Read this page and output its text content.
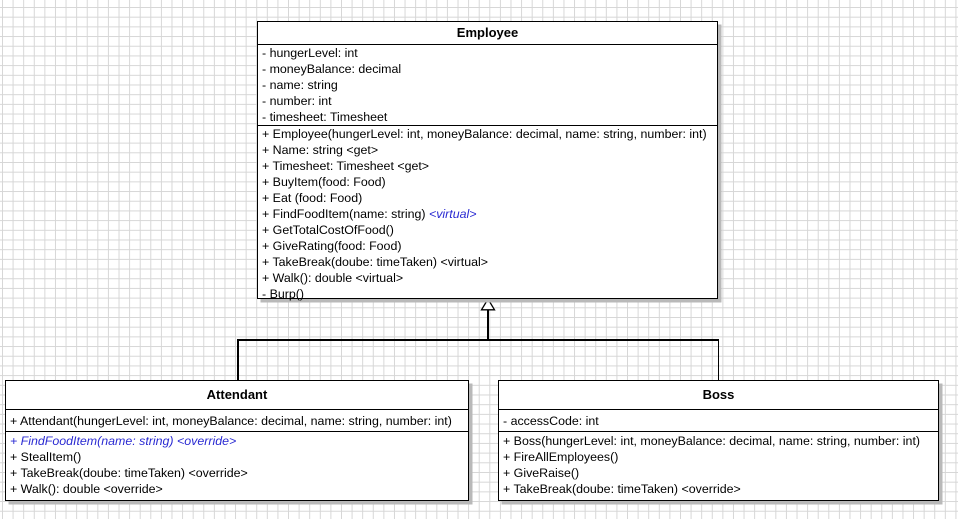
Employee
- hungerLevel: int
- moneyBalance: decimal
- name: string
- number: int
- timesheet: Timesheet
+ Employee(hungerLevel: int, moneyBalance: decimal, name: string, number: int)
+ Name: string <get>
+ Timesheet: Timesheet <get>
+ BuyItem(food: Food)
+ Eat (food: Food)
+ FindFoodItem(name: string) <virtual>
+ GetTotalCostOfFood()
+ GiveRating(food: Food)
+ TakeBreak(doube: timeTaken) <virtual>
+ Walk(): double <virtual>
- Burp()
Attendant
+ Attendant(hungerLevel: int, moneyBalance: decimal, name: string, number: int)
+ FindFoodItem(name: string) <override>
+ StealItem()
+ TakeBreak(doube: timeTaken) <override>
+ Walk(): double <override>
Boss
- accessCode: int
+ Boss(hungerLevel: int, moneyBalance: decimal, name: string, number: int)
+ FireAllEmployees()
+ GiveRaise()
+ TakeBreak(doube: timeTaken) <override>
